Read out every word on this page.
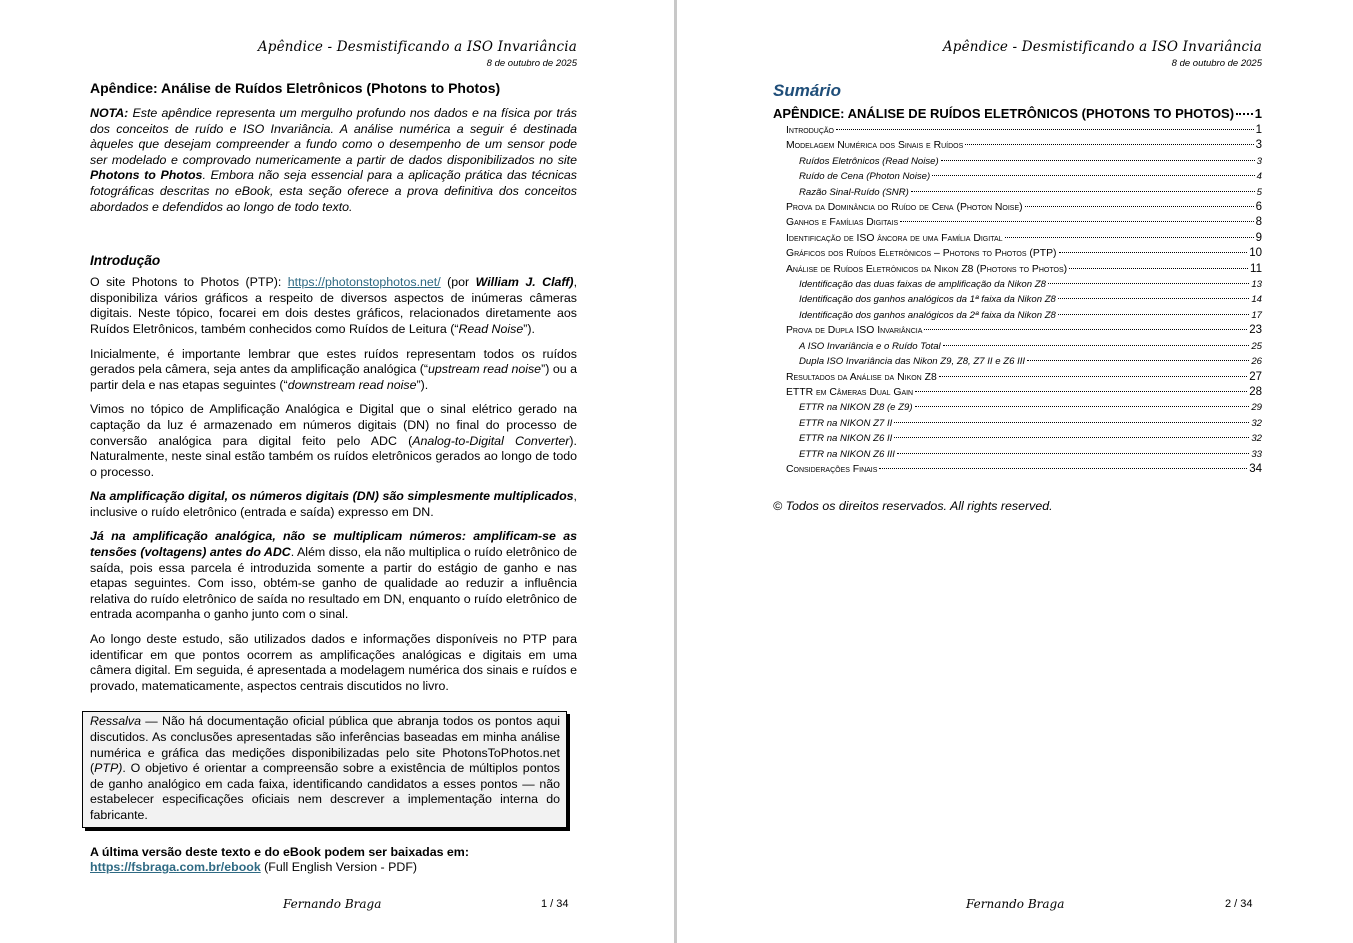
Apêndice - Desmistificando a ISO Invariância
8 de outubro de 2025
Apêndice: Análise de Ruídos Eletrônicos (Photons to Photos)

NOTA: Este apêndice representa um mergulho profundo nos dados e na física por trás dos conceitos de ruído e ISO Invariância. A análise numérica a seguir é destinada àqueles que desejam compreender a fundo como o desempenho de um sensor pode ser modelado e comprovado numericamente a partir de dados disponibilizados no site Photons to Photos. Embora não seja essencial para a aplicação prática das técnicas fotográficas descritas no eBook, esta seção oferece a prova definitiva dos conceitos abordados e defendidos ao longo de todo texto.

Introdução

O site Photons to Photos (PTP): https://photonstophotos.net/ (por William J. Claff), disponibiliza vários gráficos a respeito de diversos aspectos de inúmeras câmeras digitais. Neste tópico, focarei em dois destes gráficos, relacionados diretamente aos Ruídos Eletrônicos, também conhecidos como Ruídos de Leitura (“Read Noise”).

Inicialmente, é importante lembrar que estes ruídos representam todos os ruídos gerados pela câmera, seja antes da amplificação analógica (“upstream read noise”) ou a partir dela e nas etapas seguintes (“downstream read noise”).

Vimos no tópico de Amplificação Analógica e Digital que o sinal elétrico gerado na captação da luz é armazenado em números digitais (DN) no final do processo de conversão analógica para digital feito pelo ADC (Analog-to-Digital Converter). Naturalmente, neste sinal estão também os ruídos eletrônicos gerados ao longo de todo o processo.

Na amplificação digital, os números digitais (DN) são simplesmente multiplicados, inclusive o ruído eletrônico (entrada e saída) expresso em DN.

Já na amplificação analógica, não se multiplicam números: amplificam-se as tensões (voltagens) antes do ADC. Além disso, ela não multiplica o ruído eletrônico de saída, pois essa parcela é introduzida somente a partir do estágio de ganho e nas etapas seguintes. Com isso, obtém-se ganho de qualidade ao reduzir a influência relativa do ruído eletrônico de saída no resultado em DN, enquanto o ruído eletrônico de entrada acompanha o ganho junto com o sinal.

Ao longo deste estudo, são utilizados dados e informações disponíveis no PTP para identificar em que pontos ocorrem as amplificações analógicas e digitais em uma câmera digital. Em seguida, é apresentada a modelagem numérica dos sinais e ruídos e provado, matematicamente, aspectos centrais discutidos no livro.

Ressalva — Não há documentação oficial pública que abranja todos os pontos aqui discutidos. As conclusões apresentadas são inferências baseadas em minha análise numérica e gráfica das medições disponibilizadas pelo site PhotonsToPhotos.net (PTP). O objetivo é orientar a compreensão sobre a existência de múltiplos pontos de ganho analógico em cada faixa, identificando candidatos a esses pontos — não estabelecer especificações oficiais nem descrever a implementação interna do fabricante.

A última versão deste texto e do eBook podem ser baixadas em:
https://fsbraga.com.br/ebook (Full English Version - PDF)
Fernando Braga	1 / 34
Apêndice - Desmistificando a ISO Invariância
8 de outubro de 2025
Sumário
APÊNDICE: ANÁLISE DE RUÍDOS ELETRÔNICOS (PHOTONS TO PHOTOS) 1
Introdução	1
Modelagem Numérica dos Sinais e Ruídos	3
Ruídos Eletrônicos (Read Noise)	3
Ruído de Cena (Photon Noise)	4
Razão Sinal-Ruído (SNR)	5
Prova da Dominância do Ruído de Cena (Photon Noise)	6
Ganhos e Famílias Digitais	8
Identificação de ISO âncora de uma Família Digital	9
Gráficos dos Ruídos Eletrônicos – Photons to Photos (PTP)	10
Análise de Ruídos Eletrônicos da Nikon Z8 (Photons to Photos)	11
Identificação das duas faixas de amplificação da Nikon Z8	13
Identificação dos ganhos analógicos da 1ª faixa da Nikon Z8	14
Identificação dos ganhos analógicos da 2ª faixa da Nikon Z8	17
Prova de Dupla ISO Invariância	23
A ISO Invariância e o Ruído Total	25
Dupla ISO Invariância das Nikon Z9, Z8, Z7 II e Z6 III	26
Resultados da Análise da Nikon Z8	27
ETTR em Câmeras Dual Gain	28
ETTR na NIKON Z8 (e Z9)	29
ETTR na NIKON Z7 II	32
ETTR na NIKON Z6 II	32
ETTR na NIKON Z6 III	33
Considerações Finais	34
© Todos os direitos reservados. All rights reserved.
Fernando Braga	2 / 34
